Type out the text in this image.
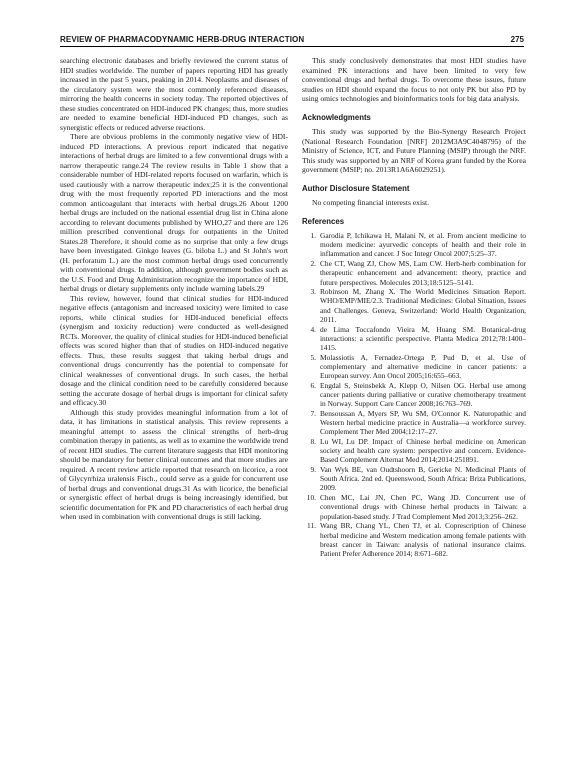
REVIEW OF PHARMACODYNAMIC HERB-DRUG INTERACTION	275

searching electronic databases and briefly reviewed the current status of HDI studies worldwide. The number of papers reporting HDI has greatly increased in the past 5 years, peaking in 2014. Neoplasms and diseases of the circulatory system were the most commonly referenced diseases, mirroring the health concerns in society today. The reported objectives of these studies concentrated on HDI-induced PK changes; thus, more studies are needed to examine beneficial HDI-induced PD changes, such as synergistic effects or reduced adverse reactions.

There are obvious problems in the commonly negative view of HDI-induced PD interactions. A previous report indicated that negative interactions of herbal drugs are limited to a few conventional drugs with a narrow therapeutic range.24 The review results in Table 1 show that a considerable number of HDI-related reports focused on warfarin, which is used cautiously with a narrow therapeutic index;25 it is the conventional drug with the most frequently reported PD interactions and the most common anticoagulant that interacts with herbal drugs.26 About 1200 herbal drugs are included on the national essential drug list in China alone according to relevant documents published by WHO,27 and there are 126 million prescribed conventional drugs for outpatients in the United States.28 Therefore, it should come as no surprise that only a few drugs have been investigated. Ginkgo leaves (G. biloba L.) and St John's wort (H. perforatum L.) are the most common herbal drugs used concurrently with conventional drugs. In addition, although government bodies such as the U.S. Food and Drug Administration recognize the importance of HDI, herbal drugs or dietary supplements only include warning labels.29

This review, however, found that clinical studies for HDI-induced negative effects (antagonism and increased toxicity) were limited to case reports, while clinical studies for HDI-induced beneficial effects (synergism and toxicity reduction) were conducted as well-designed RCTs. Moreover, the quality of clinical studies for HDI-induced beneficial effects was scored higher than that of studies on HDI-induced negative effects. Thus, these results suggest that taking herbal drugs and conventional drugs concurrently has the potential to compensate for clinical weaknesses of conventional drugs. In such cases, the herbal dosage and the clinical condition need to be carefully considered because setting the accurate dosage of herbal drugs is important for clinical safety and efficacy.30

Although this study provides meaningful information from a lot of data, it has limitations in statistical analysis. This review represents a meaningful attempt to assess the clinical strengths of herb-drug combination therapy in patients, as well as to examine the worldwide trend of recent HDI studies. The current literature suggests that HDI monitoring should be mandatory for better clinical outcomes and that more studies are required. A recent review article reported that research on licorice, a root of Glycyrrhiza uralensis Fisch., could serve as a guide for concurrent use of herbal drugs and conventional drugs.31 As with licorice, the beneficial or synergistic effect of herbal drugs is being increasingly identified, but scientific documentation for PK and PD characteristics of each herbal drug when used in combination with conventional drugs is still lacking.

This study conclusively demonstrates that most HDI studies have examined PK interactions and have been limited to very few conventional drugs and herbal drugs. To overcome these issues, future studies on HDI should expand the focus to not only PK but also PD by using omics technologies and bioinformatics tools for big data analysis.

Acknowledgments

This study was supported by the Bio-Synergy Research Project (National Research Foundation [NRF] 2012M3A9C4048795) of the Ministry of Science, ICT, and Future Planning (MSIP) through the NRF. This study was supported by an NRF of Korea grant funded by the Korea government (MSIP; no. 2013R1A6A6029251).

Author Disclosure Statement

No competing financial interests exist.

References
1. Garodia P, Ichikawa H, Malani N, et al. From ancient medicine to modern medicine: ayurvedic concepts of health and their role in inflammation and cancer. J Soc Integr Oncol 2007;5:25–37.
2. Che CT, Wang ZJ, Chow MS, Lam CW. Herb-herb combination for therapeutic enhancement and advancement: theory, practice and future perspectives. Molecules 2013;18:5125–5141.
3. Robinson M, Zhang X. The World Medicines Situation Report. WHO/EMP/MIE/2.3. Traditional Medicines: Global Situation, Issues and Challenges. Geneva, Switzerland: World Health Organization, 2011.
4. de Lima Toccafondo Vieira M, Huang SM. Botanical-drug interactions: a scientific perspective. Planta Medica 2012;78:1400–1415.
5. Molassiotis A, Fernadez-Ortega P, Pud D, et al. Use of complementary and alternative medicine in cancer patients: a European survey. Ann Oncol 2005;16:655–663.
6. Engdal S, Steinsbekk A, Klepp O, Nilsen OG. Herbal use among cancer patients during palliative or curative chemotherapy treatment in Norway. Support Care Cancer 2008;16:763–769.
7. Bensoussan A, Myers SP, Wu SM, O'Connor K. Naturopathic and Western herbal medicine practice in Australia—a workforce survey. Complement Ther Med 2004;12:17–27.
8. Lu WI, Lu DP. Impact of Chinese herbal medicine on American society and health care system: perspective and concern. Evidence-Based Complement Alternat Med 2014;2014:251891.
9. Van Wyk BE, van Oudtshoorn B, Gericke N. Medicinal Plants of South Africa. 2nd ed. Queenswood, South Africa: Briza Publications, 2009.
10. Chen MC, Lai JN, Chen PC, Wang JD. Concurrent use of conventional drugs with Chinese herbal products in Taiwan: a population-based study. J Trad Complement Med 2013;3:256–262.
11. Wang BR, Chang YL, Chen TJ, et al. Coprescription of Chinese herbal medicine and Western medication among female patients with breast cancer in Taiwan: analysis of national insurance claims. Patient Prefer Adherence 2014; 8:671–682.
